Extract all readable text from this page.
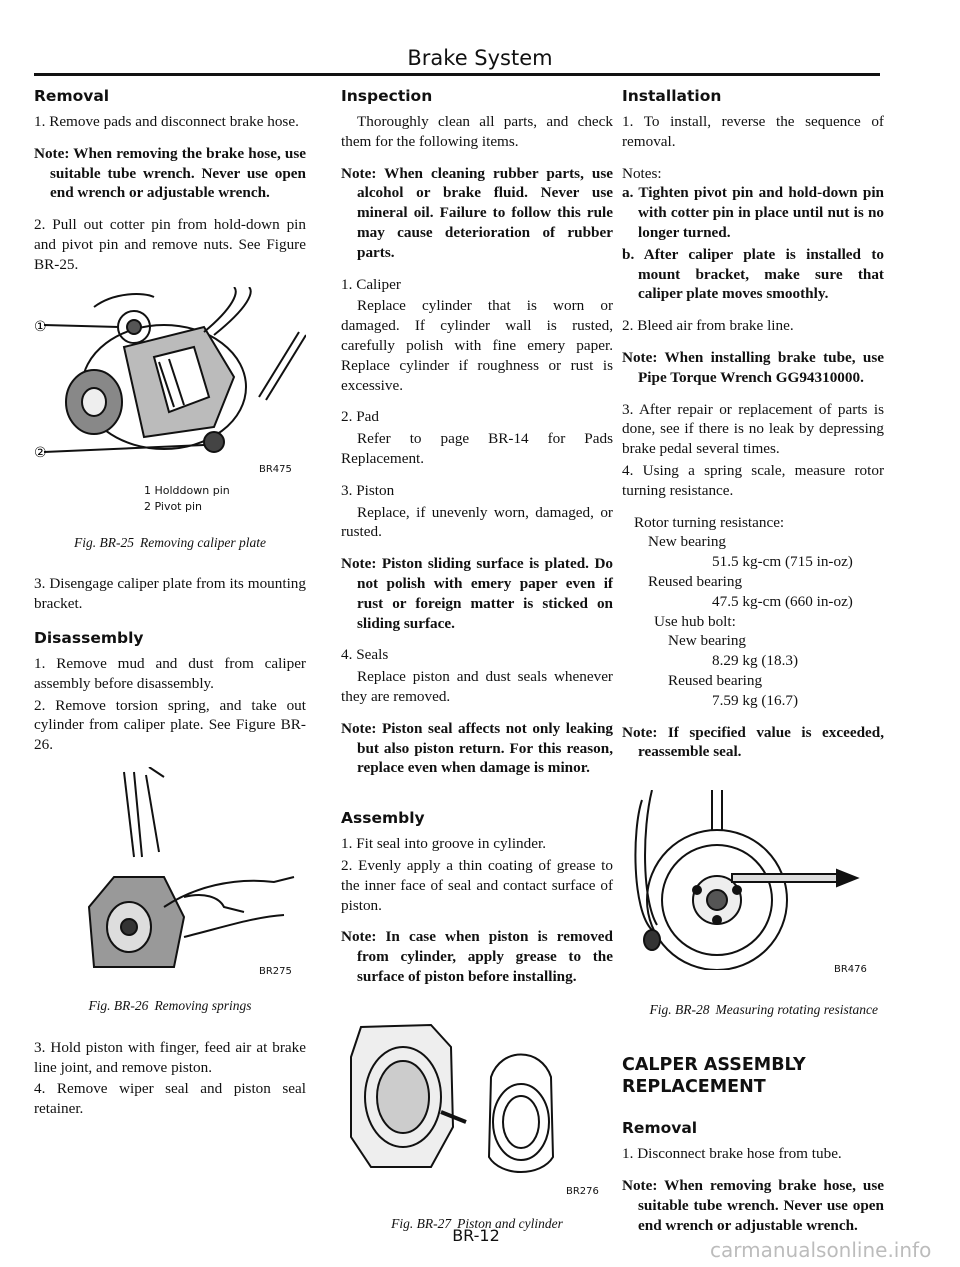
Brake System
Removal

1. Remove pads and disconnect brake hose.

Note: When removing the brake hose, use suitable tube wrench. Never use open end wrench or adjustable wrench.

2. Pull out cotter pin from hold-down pin and pivot pin and remove nuts. See Figure BR-25.

①
②
BR475
1 Holddown pin
2 Pivot pin
Fig. BR-25 Removing caliper plate

3. Disengage caliper plate from its mounting bracket.

Disassembly

1. Remove mud and dust from caliper assembly before disassembly.

2. Remove torsion spring, and take out cylinder from caliper plate. See Figure BR-26.

BR275
Fig. BR-26 Removing springs

3. Hold piston with finger, feed air at brake line joint, and remove piston.

4. Remove wiper seal and piston seal retainer.

Inspection

Thoroughly clean all parts, and check them for the following items.

Note: When cleaning rubber parts, use alcohol or brake fluid. Never use mineral oil. Failure to follow this rule may cause deterioration of rubber parts.

1. Caliper

Replace cylinder that is worn or damaged. If cylinder wall is rusted, carefully polish with fine emery paper. Replace cylinder if roughness or rust is excessive.

2. Pad

Refer to page BR-14 for Pads Replacement.

3. Piston

Replace, if unevenly worn, damaged, or rusted.

Note: Piston sliding surface is plated. Do not polish with emery paper even if rust or foreign matter is sticked on sliding surface.

4. Seals

Replace piston and dust seals whenever they are removed.

Note: Piston seal affects not only leaking but also piston return. For this reason, replace even when damage is minor.

Assembly

1. Fit seal into groove in cylinder.

2. Evenly apply a thin coating of grease to the inner face of seal and contact surface of piston.

Note: In case when piston is removed from cylinder, apply grease to the surface of piston before installing.

BR276
Fig. BR-27 Piston and cylinder
Installation

1. To install, reverse the sequence of removal.

Notes:

a. Tighten pivot pin and hold-down pin with cotter pin in place until nut is no longer turned.

b. After caliper plate is installed to mount bracket, make sure that caliper plate moves smoothly.

2. Bleed air from brake line.

Note: When installing brake tube, use Pipe Torque Wrench GG94310000.

3. After repair or replacement of parts is done, see if there is no leak by depressing brake pedal several times.

4. Using a spring scale, measure rotor turning resistance.

Rotor turning resistance:
New bearing
51.5 kg-cm (715 in-oz)
Reused bearing
47.5 kg-cm (660 in-oz)
Use hub bolt:
New bearing
8.29 kg (18.3)
Reused bearing
7.59 kg (16.7)

Note: If specified value is exceeded, reassemble seal.

BR476
Fig. BR-28 Measuring rotating resistance
CALPER ASSEMBLY
REPLACEMENT
Removal

1. Disconnect brake hose from tube.

Note: When removing brake hose, use suitable tube wrench. Never use open end wrench or adjustable wrench.

BR-12
carmanualsonline.info
